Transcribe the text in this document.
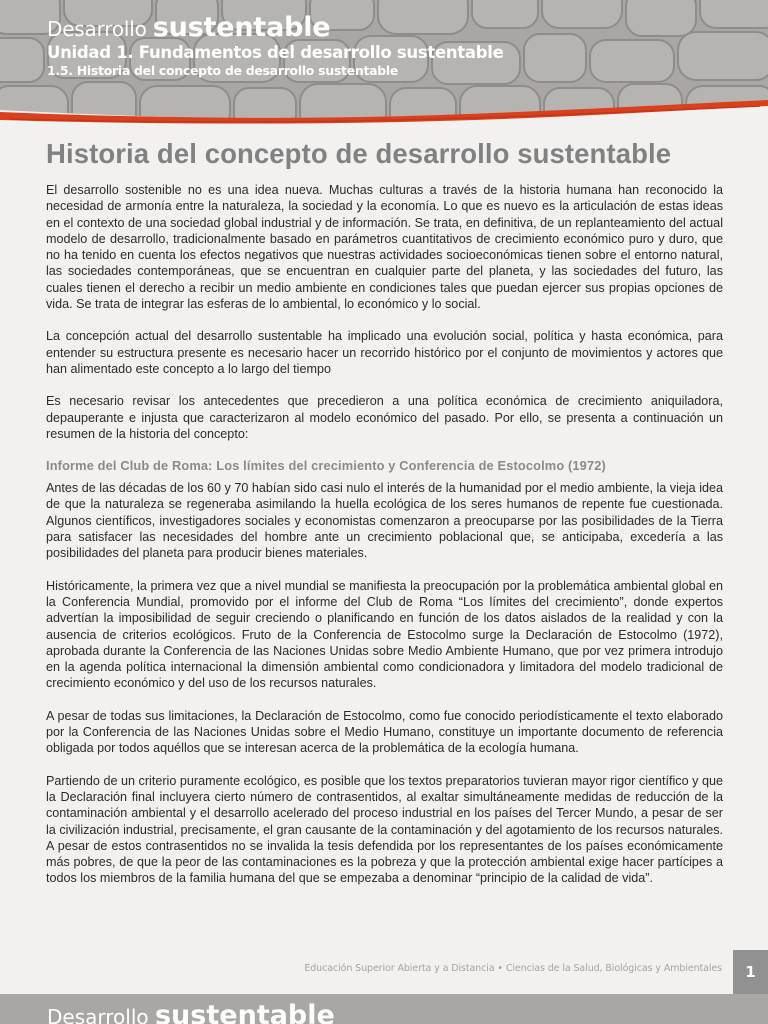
Desarrollo sustentable
Unidad 1. Fundamentos del desarrollo sustentable
1.5. Historia del concepto de desarrollo sustentable
Historia del concepto de desarrollo sustentable

El desarrollo sostenible no es una idea nueva. Muchas culturas a través de la historia humana han reconocido la necesidad de armonía entre la naturaleza, la sociedad y la economía. Lo que es nuevo es la articulación de estas ideas en el contexto de una sociedad global industrial y de información. Se trata, en definitiva, de un replanteamiento del actual modelo de desarrollo, tradicionalmente basado en parámetros cuantitativos de crecimiento económico puro y duro, que no ha tenido en cuenta los efectos negativos que nuestras actividades socioeconómicas tienen sobre el entorno natural, las sociedades contemporáneas, que se encuentran en cualquier parte del planeta, y las sociedades del futuro, las cuales tienen el derecho a recibir un medio ambiente en condiciones tales que puedan ejercer sus propias opciones de vida. Se trata de integrar las esferas de lo ambiental, lo económico y lo social.

La concepción actual del desarrollo sustentable ha implicado una evolución social, política y hasta económica, para entender su estructura presente es necesario hacer un recorrido histórico por el conjunto de movimientos y actores que han alimentado este concepto a lo largo del tiempo

Es necesario revisar los antecedentes que precedieron a una política económica de crecimiento aniquiladora, depauperante e injusta que caracterizaron al modelo económico del pasado. Por ello, se presenta a continuación un resumen de la historia del concepto:

Informe del Club de Roma: Los límites del crecimiento y Conferencia de Estocolmo (1972)

Antes de las décadas de los 60 y 70 habían sido casi nulo el interés de la humanidad por el medio ambiente, la vieja idea de que la naturaleza se regeneraba asimilando la huella ecológica de los seres humanos de repente fue cuestionada. Algunos científicos, investigadores sociales y economistas comenzaron a preocuparse por las posibilidades de la Tierra para satisfacer las necesidades del hombre ante un crecimiento poblacional que, se anticipaba, excedería a las posibilidades del planeta para producir bienes materiales.

Históricamente, la primera vez que a nivel mundial se manifiesta la preocupación por la problemática ambiental global en la Conferencia Mundial, promovido por el informe del Club de Roma “Los límites del crecimiento”, donde expertos advertían la imposibilidad de seguir creciendo o planificando en función de los datos aislados de la realidad y con la ausencia de criterios ecológicos. Fruto de la Conferencia de Estocolmo surge la Declaración de Estocolmo (1972), aprobada durante la Conferencia de las Naciones Unidas sobre Medio Ambiente Humano, que por vez primera introdujo en la agenda política internacional la dimensión ambiental como condicionadora y limitadora del modelo tradicional de crecimiento económico y del uso de los recursos naturales.

A pesar de todas sus limitaciones, la Declaración de Estocolmo, como fue conocido periodísticamente el texto elaborado por la Conferencia de las Naciones Unidas sobre el Medio Humano, constituye un importante documento de referencia obligada por todos aquéllos que se interesan acerca de la problemática de la ecología humana.

Partiendo de un criterio puramente ecológico, es posible que los textos preparatorios tuvieran mayor rigor científico y que la Declaración final incluyera cierto número de contrasentidos, al exaltar simultáneamente medidas de reducción de la contaminación ambiental y el desarrollo acelerado del proceso industrial en los países del Tercer Mundo, a pesar de ser la civilización industrial, precisamente, el gran causante de la contaminación y del agotamiento de los recursos naturales. A pesar de estos contrasentidos no se invalida la tesis defendida por los representantes de los países económicamente más pobres, de que la peor de las contaminaciones es la pobreza y que la protección ambiental exige hacer partícipes a todos los miembros de la familia humana del que se empezaba a denominar “principio de la calidad de vida”.

Educación Superior Abierta y a Distancia • Ciencias de la Salud, Biológicas y Ambientales	1
Desarrollo sustentable
